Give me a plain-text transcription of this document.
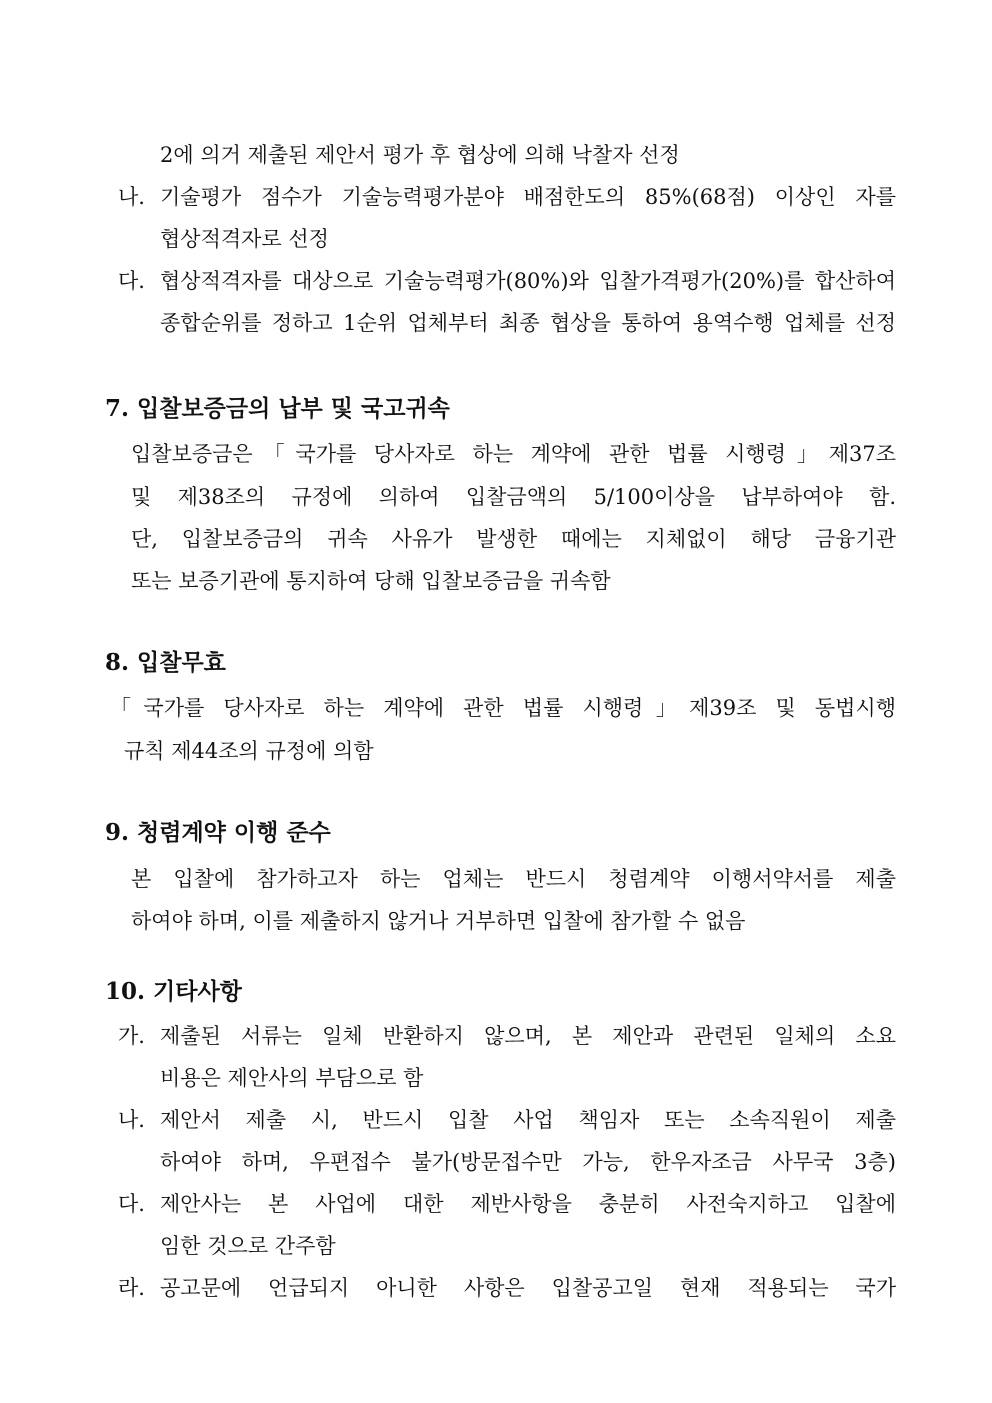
2에 의거 제출된 제안서 평가 후 협상에 의해 낙찰자 선정
나. 기술평가 점수가 기술능력평가분야 배점한도의 85%(68점) 이상인 자를
협상적격자로 선정
다. 협상적격자를 대상으로 기술능력평가(80%)와 입찰가격평가(20%)를 합산하여
종합순위를 정하고 1순위 업체부터 최종 협상을 통하여 용역수행 업체를 선정
7. 입찰보증금의 납부 및 국고귀속
입찰보증금은「국가를 당사자로 하는 계약에 관한 법률 시행령」제37조
및 제38조의 규정에 의하여 입찰금액의 5/100이상을 납부하여야 함.
단, 입찰보증금의 귀속 사유가 발생한 때에는 지체없이 해당 금융기관
또는 보증기관에 통지하여 당해 입찰보증금을 귀속함
8. 입찰무효
「국가를 당사자로 하는 계약에 관한 법률 시행령」제39조 및 동법시행
규칙 제44조의 규정에 의함
9. 청렴계약 이행 준수
본 입찰에 참가하고자 하는 업체는 반드시 청렴계약 이행서약서를 제출
하여야 하며, 이를 제출하지 않거나 거부하면 입찰에 참가할 수 없음
10. 기타사항
가. 제출된 서류는 일체 반환하지 않으며, 본 제안과 관련된 일체의 소요
비용은 제안사의 부담으로 함
나. 제안서 제출 시, 반드시 입찰 사업 책임자 또는 소속직원이 제출
하여야 하며, 우편접수 불가(방문접수만 가능, 한우자조금 사무국 3층)
다. 제안사는 본 사업에 대한 제반사항을 충분히 사전숙지하고 입찰에
임한 것으로 간주함
라. 공고문에 언급되지 아니한 사항은 입찰공고일 현재 적용되는 국가
